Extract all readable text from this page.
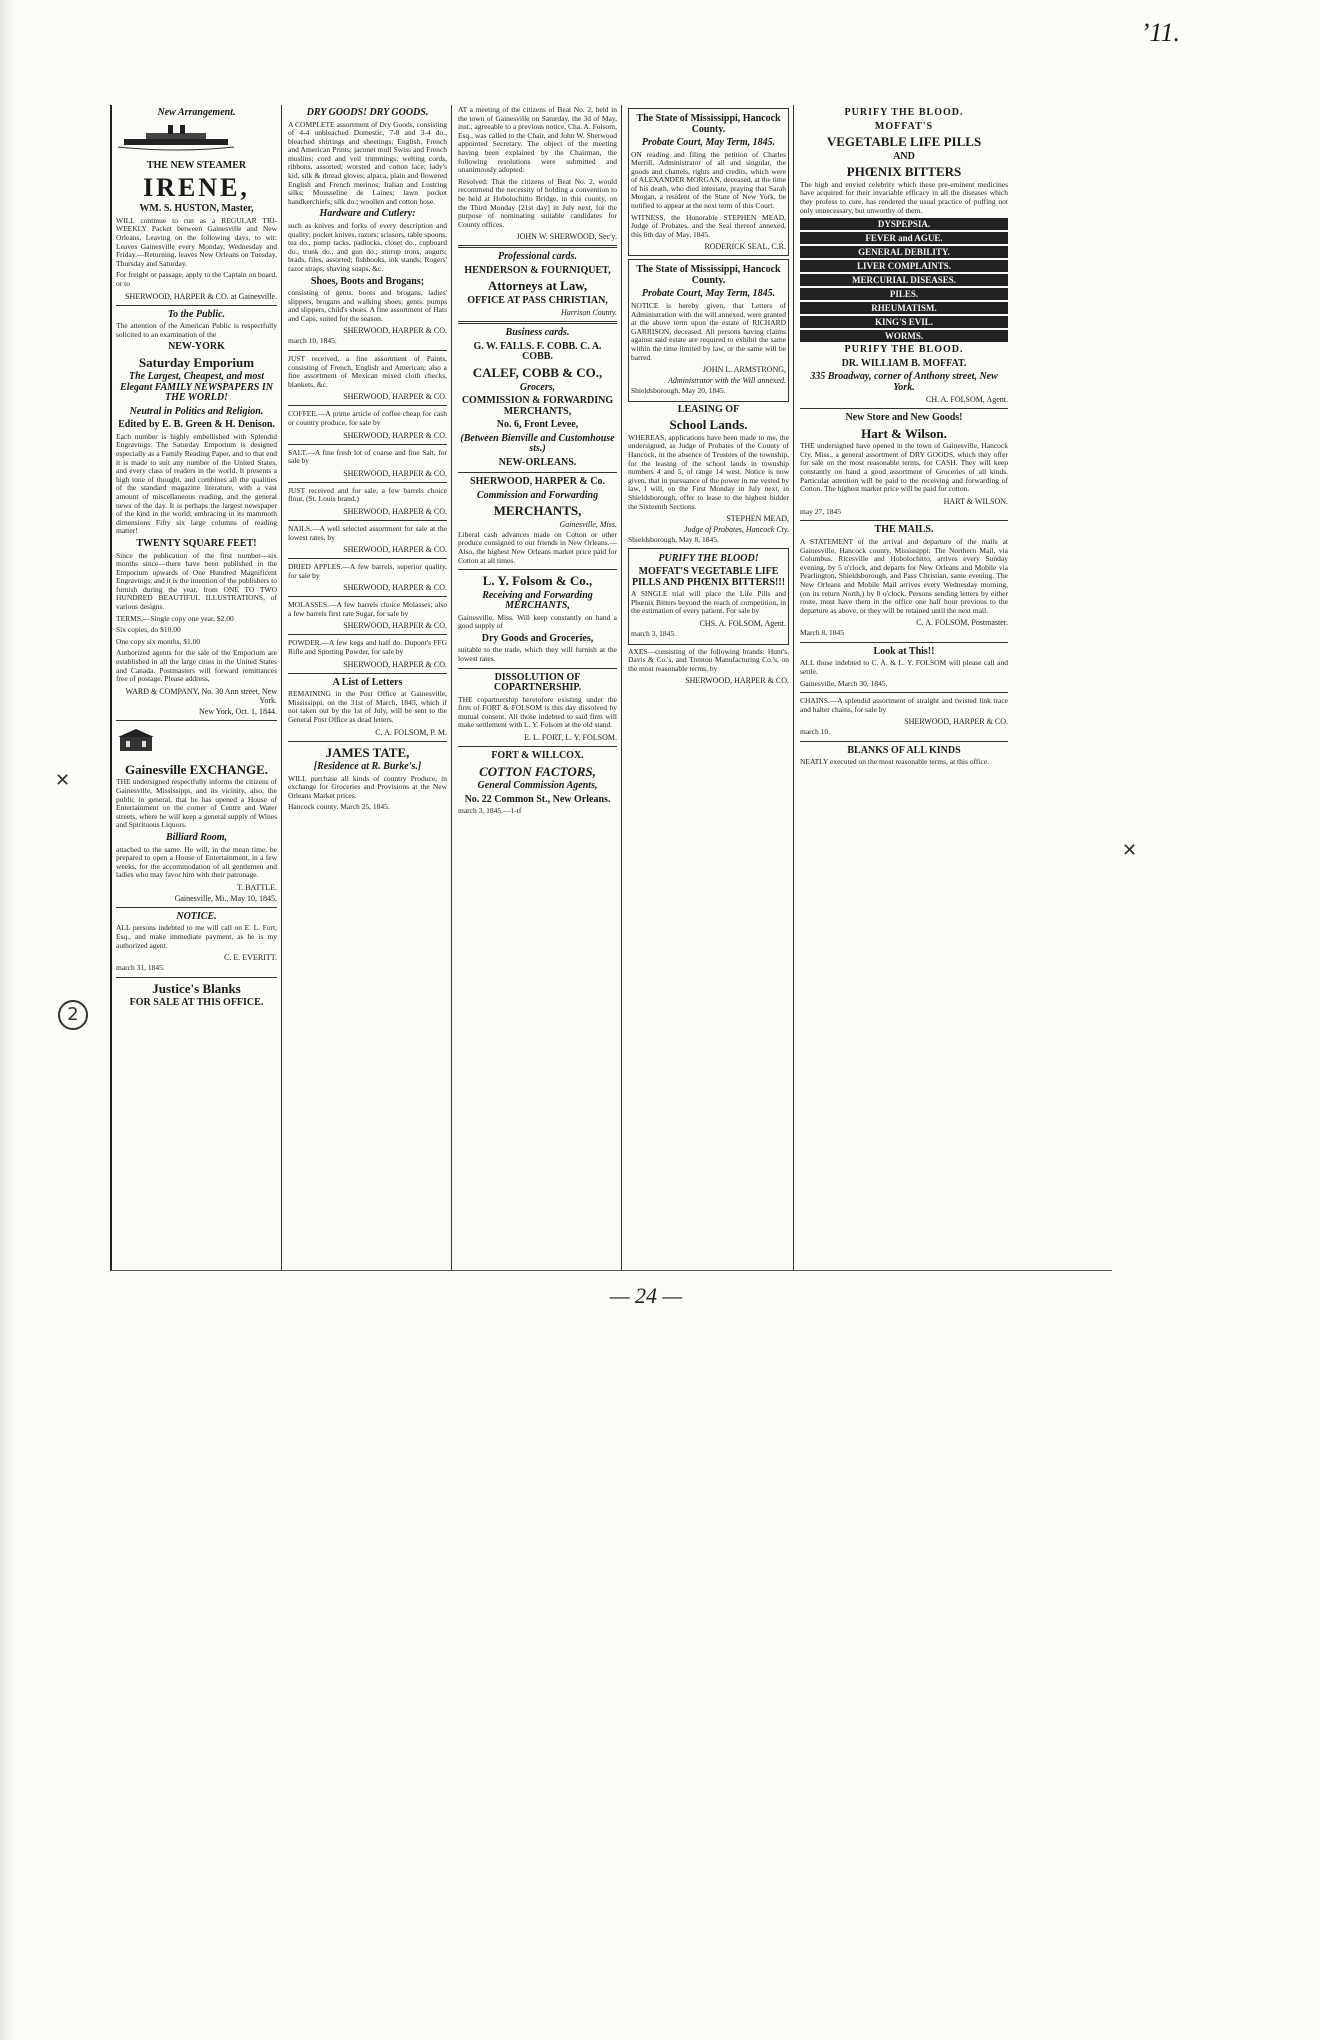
ʼ11.
New Arrangement.
THE NEW STEAMER
IRENE,
WM. S. HUSTON, Master,
WILL continue to run as a REGULAR TRI-WEEKLY Packet between Gainesville and New Orleans, Leaving on the following days, to wit: Leaves Gainesville every Monday, Wednesday and Friday.—Returning, leaves New Orleans on Tuesday, Thursday and Saturday.
For freight or passage, apply to the Captain on board, or to
SHERWOOD, HARPER & CO. at Gainesville.
To the Public.
The attention of the American Public is respectfully solicited to an examination of the
NEW-YORK
Saturday Emporium
The Largest, Cheapest, and most Elegant FAMILY NEWSPAPERS IN THE WORLD!
Neutral in Politics and Religion.
Edited by E. B. Green & H. Denison.
Each number is highly embellished with Splendid Engravings. The Saturday Emporium is designed especially as a Family Reading Paper, and to that end it is made to suit any number of the United States, and every class of readers in the world. It presents a high tone of thought, and combines all the qualities of the standard magazine literature, with a vast amount of miscellaneous reading, and the general news of the day. It is perhaps the largest newspaper of the kind in the world; embracing in its mammoth dimensions Fifty six large columns of reading matter!
TWENTY SQUARE FEET!
Since the publication of the first number—six months since—there have been published in the Emporium upwards of One Hundred Magnificent Engravings, and it is the intention of the publishers to furnish during the year, from ONE TO TWO HUNDRED BEAUTIFUL ILLUSTRATIONS, of various designs.
TERMS,—Single copy one year, $2.00
Six copies, do $10.00
One copy six months, $1.00
Authorized agents for the sale of the Emporium are established in all the large cities in the United States and Canada. Postmasters will forward remittances free of postage. Please address,
WARD & COMPANY, No. 30 Ann street, New York.
New York, Oct. 1, 1844.
Gainesville EXCHANGE.
THE undersigned respectfully informs the citizens of Gainesville, Mississippi, and its vicinity, also, the public in general, that he has opened a House of Entertainment on the corner of Centre and Water streets, where he will keep a general supply of Wines and Spirituous Liquors.
Billiard Room,
attached to the same. He will, in the mean time, be prepared to open a House of Entertainment, in a few weeks, for the accommodation of all gentlemen and ladies who may favor him with their patronage.
T. BATTLE.
Gainesville, Mi., May 10, 1845.
NOTICE.
ALL persons indebted to me will call on E. L. Fort, Esq., and make immediate payment, as he is my authorized agent.
C. E. EVERITT.
march 31, 1845.
Justice's Blanks
FOR SALE AT THIS OFFICE.
DRY GOODS! DRY GOODS.
A COMPLETE assortment of Dry Goods, consisting of 4-4 unbleached Domestic, 7-8 and 3-4 do., bleached shirtings and sheetings; English, French and American Prints; jaconet mull Swiss and French muslins; cord and veil trimmings; welting cords, ribbons, assorted; worsted and cotton lace; lady's kid, silk & thread gloves; alpaca, plain and flowered English and French merinos; Italian and Lustring silks; Mousseline de Laines; lawn pocket handkerchiefs; silk do.; woollen and cotton hose.
Hardware and Cutlery:
such as knives and forks of every description and quality; pocket knives, razors; scissors, table spoons, tea do., pump tacks, padlocks, closet do., cupboard do., trunk do., and gun do.; stirrup irons, augurs; brads, files, assorted; fishhooks, ink stands; Rogers' razor straps, shaving soaps, &c.
Shoes, Boots and Brogans;
consisting of gents. boots and brogans, ladies' slippers, brogans and walking shoes; gents. pumps and slippers, child's shoes. A fine assortment of Hats and Caps, suited for the season.
SHERWOOD, HARPER & CO.
march 10, 1845.
JUST received, a fine assortment of Paints, consisting of French, English and American; also a fine assortment of Mexican mixed cloth checks, blankets, &c.
SHERWOOD, HARPER & CO.
COFFEE.—A prime article of coffee cheap for cash or country produce, for sale by
SHERWOOD, HARPER & CO.
SALT.—A fine fresh lot of coarse and fine Salt, for sale by
SHERWOOD, HARPER & CO.
JUST received and for sale, a few barrels choice flour, (St. Louis brand.)
SHERWOOD, HARPER & CO.
NAILS.—A well selected assortment for sale at the lowest rates, by
SHERWOOD, HARPER & CO.
DRIED APPLES.—A few barrels, superior quality, for sale by
SHERWOOD, HARPER & CO.
MOLASSES.—A few barrels choice Molasses; also a few barrels first rate Sugar, for sale by
SHERWOOD, HARPER & CO.
POWDER.—A few kegs and half do. Dupont's FFG Rifle and Sporting Powder, for sale by
SHERWOOD, HARPER & CO.
A List of Letters
REMAINING in the Post Office at Gainesville, Mississippi, on the 31st of March, 1845, which if not taken out by the 1st of July, will be sent to the General Post Office as dead letters.
C. A. FOLSOM, P. M.
JAMES TATE,
[Residence at R. Burke's.]
WILL purchase all kinds of country Produce, in exchange for Groceries and Provisions at the New Orleans Market prices.
Hancock county, March 25, 1845.
AT a meeting of the citizens of Beat No. 2, held in the town of Gainesville on Saturday, the 3d of May, inst., agreeable to a previous notice, Cha. A. Folsom, Esq., was called to the Chair, and John W. Sherwood appointed Secretary. The object of the meeting having been explained by the Chairman, the following resolutions were submitted and unanimously adopted:
Resolved: That the citizens of Beat No. 2, would recommend the necessity of holding a convention to be held at Hobolochitto Bridge, in this county, on the Third Monday [21st day] in July next, for the purpose of nominating suitable candidates for County offices.
JOHN W. SHERWOOD, Sec'y.
Professional cards.
HENDERSON & FOURNIQUET,
Attorneys at Law,
OFFICE AT PASS CHRISTIAN,
Harrison County.
Business cards.
G. W. FALLS. F. COBB. C. A. COBB.
CALEF, COBB & CO.,
Grocers,
COMMISSION & FORWARDING MERCHANTS,
No. 6, Front Levee,
(Between Bienville and Customhouse sts.)
NEW-ORLEANS.
SHERWOOD, HARPER & Co.
Commission and Forwarding
MERCHANTS,
Gainesville, Miss.
Liberal cash advances made on Cotton or other produce consigned to our friends in New Orleans.—Also, the highest New Orleans market price paid for Cotton at all times.
L. Y. Folsom & Co.,
Receiving and Forwarding MERCHANTS,
Gainesville, Miss. Will keep constantly on hand a good supply of
Dry Goods and Groceries,
suitable to the trade, which they will furnish at the lowest rates.
DISSOLUTION OF COPARTNERSHIP.
THE copartnership heretofore existing under the firm of FORT & FOLSOM is this day dissolved by mutual consent. All those indebted to said firm will make settlement with L. Y. Folsom at the old stand.
E. L. FORT, L. Y. FOLSOM.
FORT & WILLCOX.
COTTON FACTORS,
General Commission Agents,
No. 22 Common St., New Orleans.
march 3, 1845.—1-tf
The State of Mississippi, Hancock County.
Probate Court, May Term, 1845.
ON reading and filing the petition of Charles Merrill, Administrator of all and singular, the goods and chattels, rights and credits, which were of ALEXANDER MORGAN, deceased, at the time of his death, who died intestate, praying that Sarah Morgan, a resident of the State of New York, be notified to appear at the next term of this Court.
WITNESS, the Honorable STEPHEN MEAD, Judge of Probates, and the Seal thereof annexed, this 6th day of May, 1845.
RODERICK SEAL, C.R.
The State of Mississippi, Hancock County.
Probate Court, May Term, 1845.
NOTICE is hereby given, that Letters of Administration with the will annexed, were granted at the above term upon the estate of RICHARD GARRISON, deceased. All persons having claims against said estate are required to exhibit the same within the time limited by law, or the same will be barred.
JOHN L. ARMSTRONG,
Administrator with the Will annexed.
Shieldsborough, May 20, 1845.
LEASING OF
School Lands.
WHEREAS, applications have been made to me, the undersigned, as Judge of Probates of the County of Hancock, in the absence of Trustees of the township, for the leasing of the school lands in township numbers 4 and 5, of range 14 west. Notice is now given, that in pursuance of the power in me vested by law, I will, on the First Monday in July next, in Shieldsborough, offer to lease to the highest bidder the Sixteenth Sections.
STEPHEN MEAD,
Judge of Probates, Hancock Cty.
Shieldsborough, May 8, 1845.
PURIFY THE BLOOD!
MOFFAT'S VEGETABLE LIFE PILLS AND PHŒNIX BITTERS!!!
A SINGLE trial will place the Life Pills and Phœnix Bitters beyond the reach of competition, in the estimation of every patient. For sale by
CHS. A. FOLSOM, Agent.
march 3, 1845.
AXES—consisting of the following brands: Hunt's, Davis & Co.'s, and Trenton Manufacturing Co.'s, on the most reasonable terms, by
SHERWOOD, HARPER & CO.
PURIFY THE BLOOD.
MOFFAT'S
VEGETABLE LIFE PILLS
AND
PHŒNIX BITTERS
The high and envied celebrity which these pre-eminent medicines have acquired for their invariable efficacy in all the diseases which they profess to cure, has rendered the usual practice of puffing not only unnecessary, but unworthy of them.
DYSPEPSIA.
FEVER and AGUE.
GENERAL DEBILITY.
LIVER COMPLAINTS.
MERCURIAL DISEASES.
PILES.
RHEUMATISM.
KING'S EVIL.
WORMS.
PURIFY THE BLOOD.
DR. WILLIAM B. MOFFAT.
335 Broadway, corner of Anthony street, New York.
CH. A. FOLSOM, Agent.
New Store and New Goods!
Hart & Wilson.
THE undersigned have opened in the town of Gainesville, Hancock Cty. Miss., a general assortment of DRY GOODS, which they offer for sale on the most reasonable terms, for CASH. They will keep constantly on hand a good assortment of Groceries of all kinds. Particular attention will be paid to the receiving and forwarding of Cotton. The highest market price will be paid for cotton.
HART & WILSON.
may 27, 1845
THE MAILS.
A STATEMENT of the arrival and departure of the mails at Gainesville, Hancock county, Mississippi: The Northern Mail, via Columbus, Ricesville and Hobolochitto, arrives every Sunday evening, by 5 o'clock, and departs for New Orleans and Mobile via Pearlington, Shieldsborough, and Pass Christian, same evening. The New Orleans and Mobile Mail arrives every Wednesday morning, (on its return North,) by 8 o'clock. Persons sending letters by either route, must have them in the office one half hour previous to the departure as above, or they will be retained until the next mail.
C. A. FOLSOM, Postmaster.
March 8, 1845
Look at This!!
ALL those indebted to C. A. & L. Y. FOLSOM will please call and settle.
Gainesville, March 30, 1845.
CHAINS.—A splendid assortment of straight and twisted link trace and halter chains, for sale by
SHERWOOD, HARPER & CO.
march 10.
BLANKS OF ALL KINDS
NEATLY executed on the most reasonable terms, at this office.
— 24 —
2
✕
✕
